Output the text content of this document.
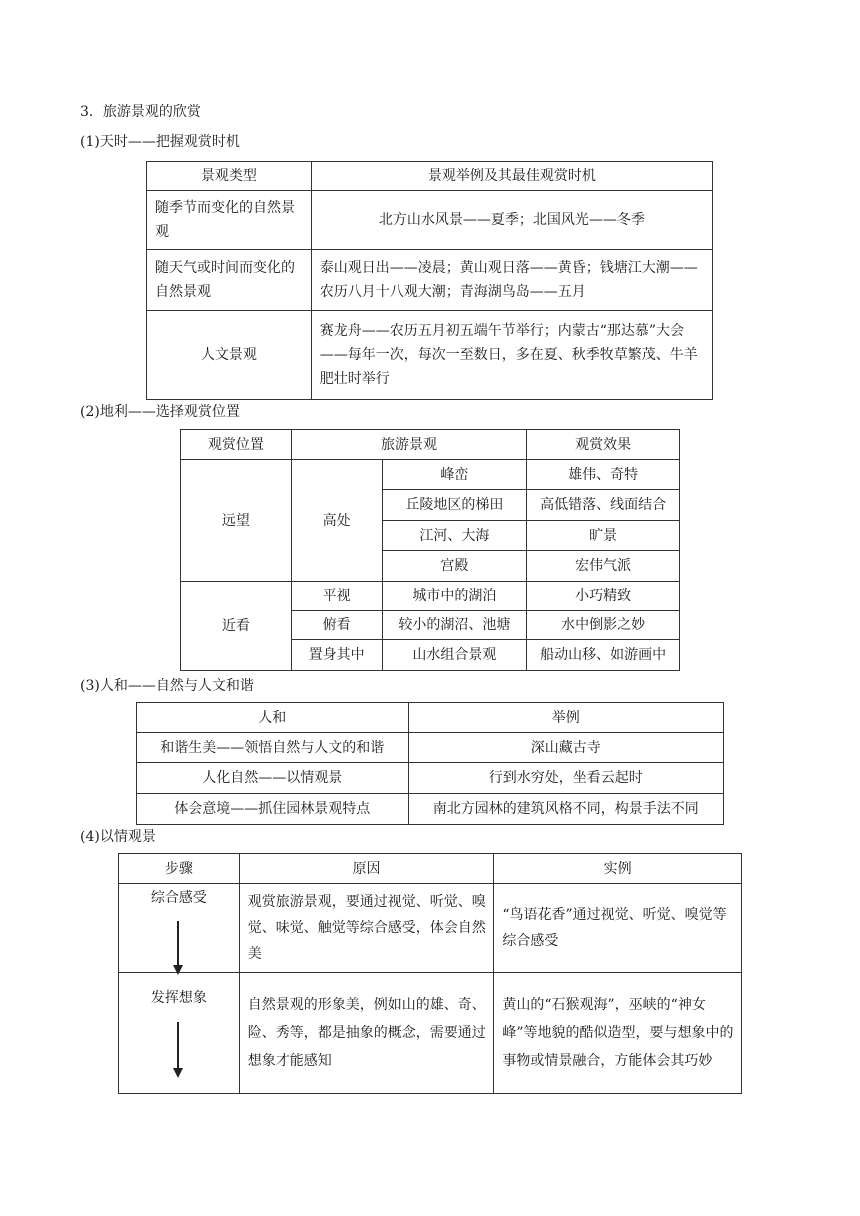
3．旅游景观的欣赏
(1)天时——把握观赏时机
景观类型	景观举例及其最佳观赏时机
随季节而变化的自然景观	北方山水风景——夏季；北国风光——冬季
随天气或时间而变化的自然景观	泰山观日出——凌晨；黄山观日落——黄昏；钱塘江大潮——农历八月十八观大潮；青海湖鸟岛——五月
人文景观	赛龙舟——农历五月初五端午节举行；内蒙古“那达慕”大会——每年一次，每次一至数日，多在夏、秋季牧草繁茂、牛羊肥壮时举行
(2)地利——选择观赏位置
观赏位置	旅游景观		观赏效果
远望	高处	峰峦	雄伟、奇特
		丘陵地区的梯田	高低错落、线面结合
		江河、大海	旷景
		宫殿	宏伟气派
近看	平视	城市中的湖泊	小巧精致
	俯看	较小的湖沼、池塘	水中倒影之妙
	置身其中	山水组合景观	船动山移、如游画中
(3)人和——自然与人文和谐
人和	举例
和谐生美——领悟自然与人文的和谐	深山藏古寺
人化自然——以情观景	行到水穷处，坐看云起时
体会意境——抓住园林景观特点	南北方园林的建筑风格不同，构景手法不同
(4)以情观景
步骤	原因	实例
综合感受	观赏旅游景观，要通过视觉、听觉、嗅觉、味觉、触觉等综合感受，体会自然美	“鸟语花香”通过视觉、听觉、嗅觉等综合感受
发挥想象	自然景观的形象美，例如山的雄、奇、险、秀等，都是抽象的概念，需要通过想象才能感知	黄山的“石猴观海”，巫峡的“神女峰”等地貌的酷似造型，要与想象中的事物或情景融合，方能体会其巧妙
